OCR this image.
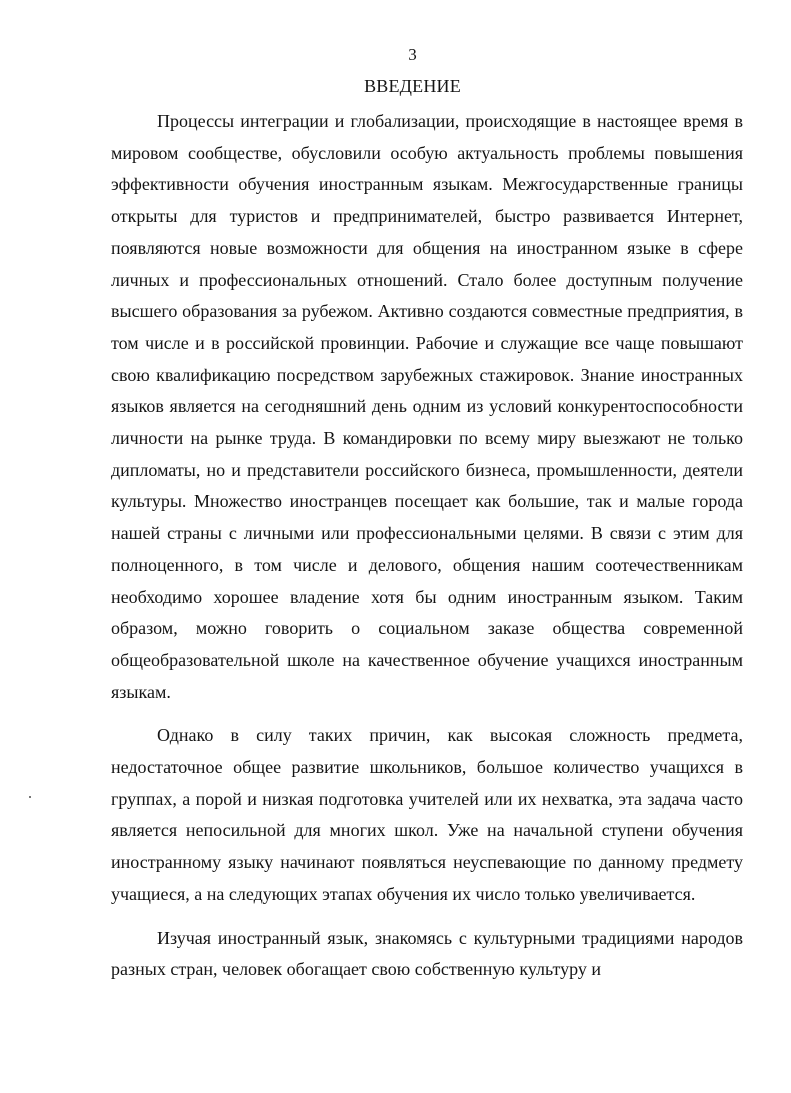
3
ВВЕДЕНИЕ

Процессы интеграции и глобализации, происходящие в настоящее время в мировом сообществе, обусловили особую актуальность проблемы повышения эффективности обучения иностранным языкам. Межгосударственные границы открыты для туристов и предпринимателей, быстро развивается Интернет, появляются новые возможности для общения на иностранном языке в сфере личных и профессиональных отношений. Стало более доступным получение высшего образования за рубежом. Активно создаются совместные предприятия, в том числе и в российской провинции. Рабочие и служащие все чаще повышают свою квалификацию посредством зарубежных стажировок. Знание иностранных языков является на сегодняшний день одним из условий конкурентоспособности личности на рынке труда. В командировки по всему миру выезжают не только дипломаты, но и представители российского бизнеса, промышленности, деятели культуры. Множество иностранцев посещает как большие, так и малые города нашей страны с личными или профессиональными целями. В связи с этим для полноценного, в том числе и делового, общения нашим соотечественникам необходимо хорошее владение хотя бы одним иностранным языком. Таким образом, можно говорить о социальном заказе общества современной общеобразовательной школе на качественное обучение учащихся иностранным языкам.

Однако в силу таких причин, как высокая сложность предмета, недостаточное общее развитие школьников, большое количество учащихся в группах, а порой и низкая подготовка учителей или их нехватка, эта задача часто является непосильной для многих школ. Уже на начальной ступени обучения иностранному языку начинают появляться неуспевающие по данному предмету учащиеся, а на следующих этапах обучения их число только увеличивается.

Изучая иностранный язык, знакомясь с культурными традициями народов разных стран, человек обогащает свою собственную культуру и
